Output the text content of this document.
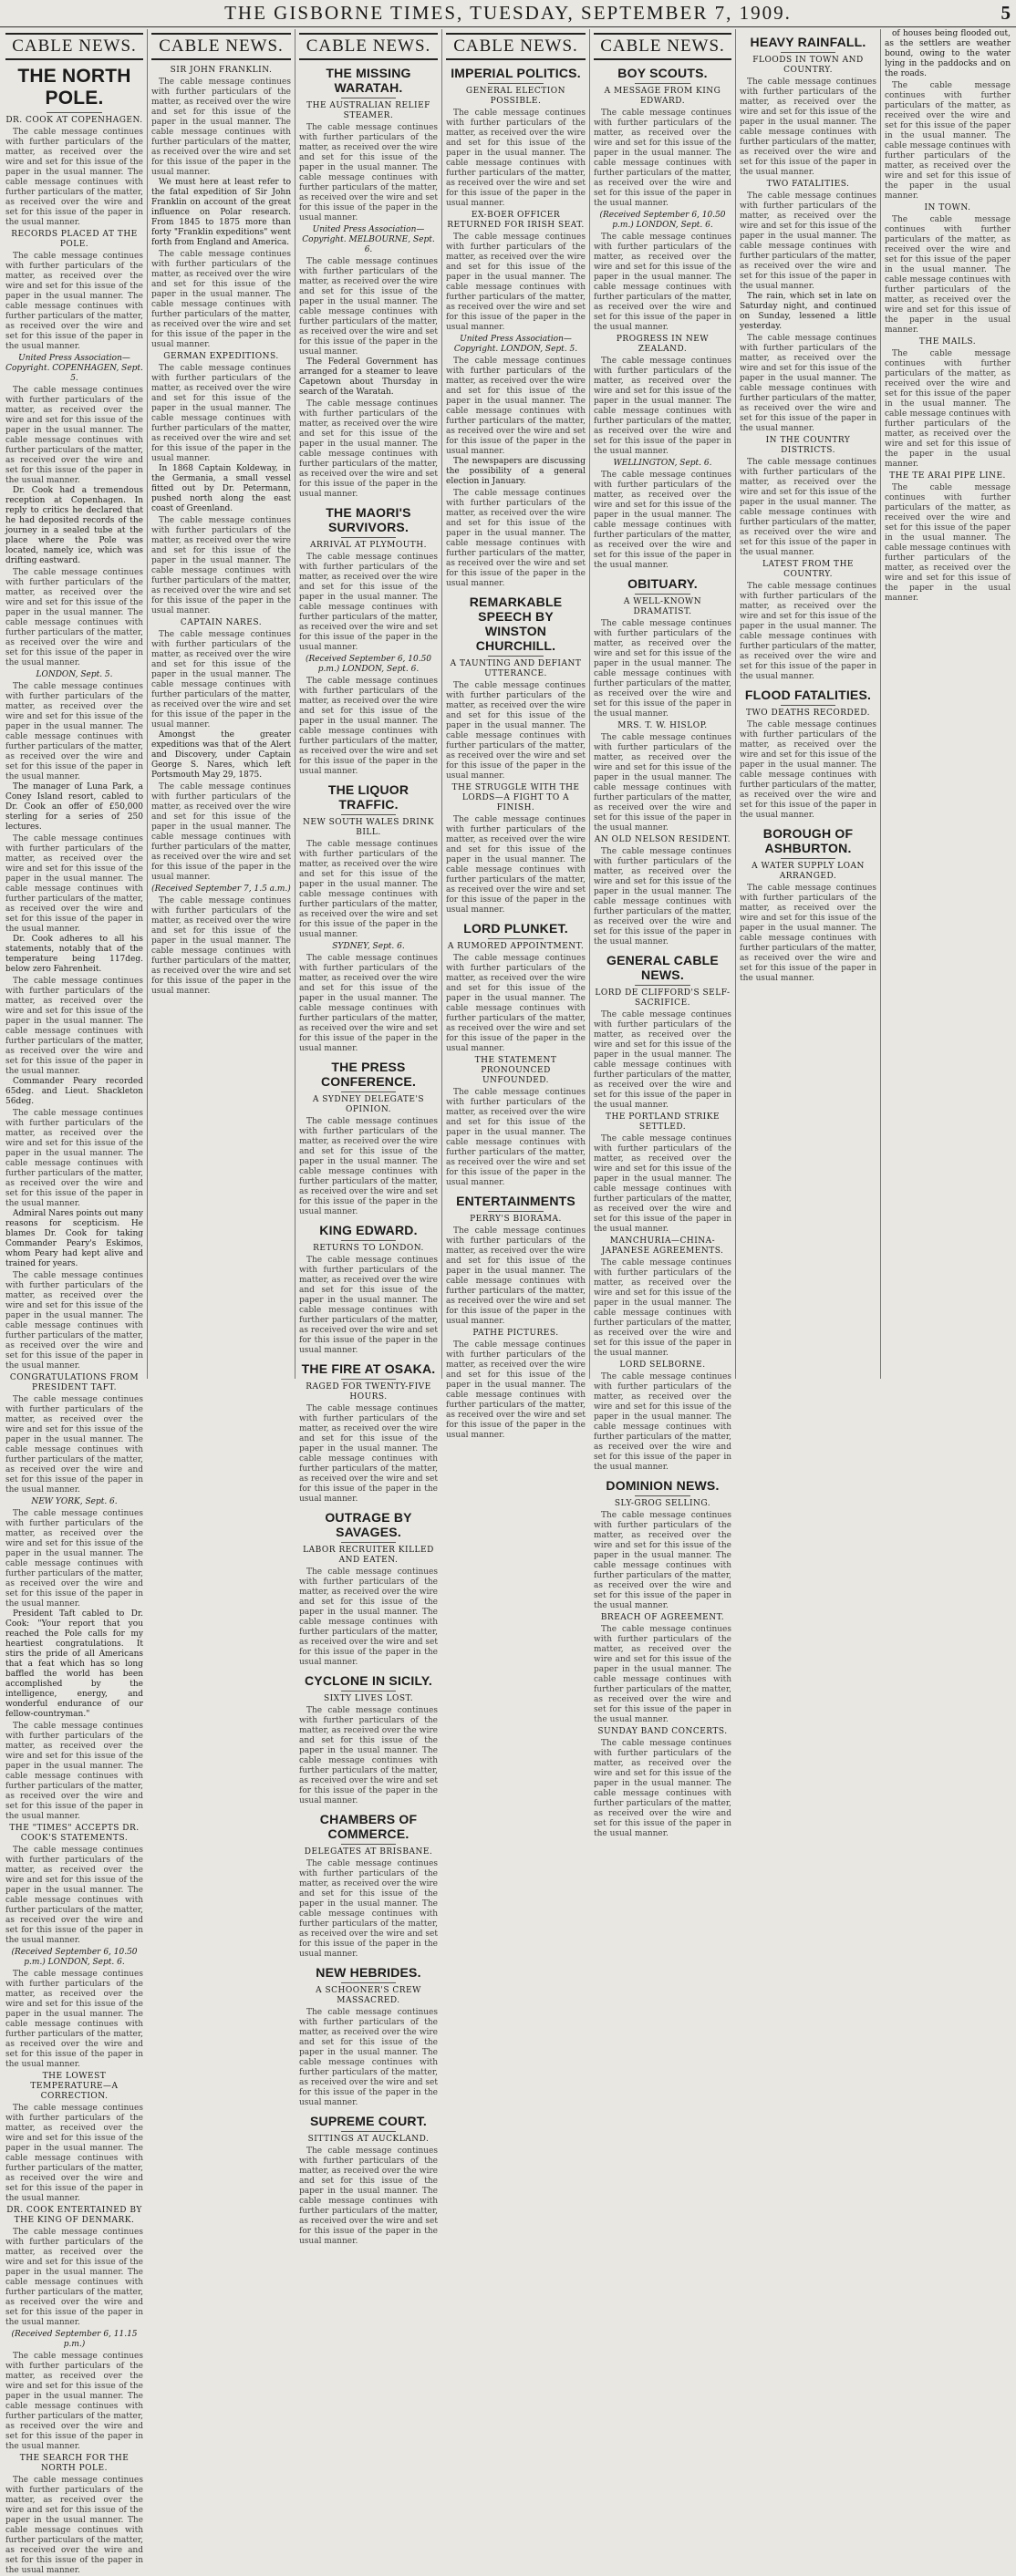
THE GISBORNE TIMES, TUESDAY, SEPTEMBER 7, 1909.	5
CABLE NEWS.
THE NORTH POLE.
DR. COOK AT COPENHAGEN.
The cable message continues with further particulars of the matter, as received over the wire and set for this issue of the paper in the usual manner. The cable message continues with further particulars of the matter, as received over the wire and set for this issue of the paper in the usual manner.
RECORDS PLACED AT THE POLE.
The cable message continues with further particulars of the matter, as received over the wire and set for this issue of the paper in the usual manner. The cable message continues with further particulars of the matter, as received over the wire and set for this issue of the paper in the usual manner.
United Press Association—Copyright. COPENHAGEN, Sept. 5.
The cable message continues with further particulars of the matter, as received over the wire and set for this issue of the paper in the usual manner. The cable message continues with further particulars of the matter, as received over the wire and set for this issue of the paper in the usual manner.
Dr. Cook had a tremendous reception at Copenhagen. In reply to critics he declared that he had deposited records of the journey in a sealed tube at the place where the Pole was located, namely ice, which was drifting eastward.
The cable message continues with further particulars of the matter, as received over the wire and set for this issue of the paper in the usual manner. The cable message continues with further particulars of the matter, as received over the wire and set for this issue of the paper in the usual manner.
LONDON, Sept. 5.
The cable message continues with further particulars of the matter, as received over the wire and set for this issue of the paper in the usual manner. The cable message continues with further particulars of the matter, as received over the wire and set for this issue of the paper in the usual manner.
The manager of Luna Park, a Coney Island resort, cabled to Dr. Cook an offer of £50,000 sterling for a series of 250 lectures.
The cable message continues with further particulars of the matter, as received over the wire and set for this issue of the paper in the usual manner. The cable message continues with further particulars of the matter, as received over the wire and set for this issue of the paper in the usual manner.
Dr. Cook adheres to all his statements, notably that of the temperature being 117deg. below zero Fahrenheit.
The cable message continues with further particulars of the matter, as received over the wire and set for this issue of the paper in the usual manner. The cable message continues with further particulars of the matter, as received over the wire and set for this issue of the paper in the usual manner.
Commander Peary recorded 65deg. and Lieut. Shackleton 56deg.
The cable message continues with further particulars of the matter, as received over the wire and set for this issue of the paper in the usual manner. The cable message continues with further particulars of the matter, as received over the wire and set for this issue of the paper in the usual manner.
Admiral Nares points out many reasons for scepticism. He blames Dr. Cook for taking Commander Peary's Eskimos, whom Peary had kept alive and trained for years.
The cable message continues with further particulars of the matter, as received over the wire and set for this issue of the paper in the usual manner. The cable message continues with further particulars of the matter, as received over the wire and set for this issue of the paper in the usual manner.
CONGRATULATIONS FROM PRESIDENT TAFT.
The cable message continues with further particulars of the matter, as received over the wire and set for this issue of the paper in the usual manner. The cable message continues with further particulars of the matter, as received over the wire and set for this issue of the paper in the usual manner.
NEW YORK, Sept. 6.
The cable message continues with further particulars of the matter, as received over the wire and set for this issue of the paper in the usual manner. The cable message continues with further particulars of the matter, as received over the wire and set for this issue of the paper in the usual manner.
President Taft cabled to Dr. Cook: "Your report that you reached the Pole calls for my heartiest congratulations. It stirs the pride of all Americans that a feat which has so long baffled the world has been accomplished by the intelligence, energy, and wonderful endurance of our fellow-countryman."
The cable message continues with further particulars of the matter, as received over the wire and set for this issue of the paper in the usual manner. The cable message continues with further particulars of the matter, as received over the wire and set for this issue of the paper in the usual manner.
THE "TIMES" ACCEPTS DR. COOK'S STATEMENTS.
The cable message continues with further particulars of the matter, as received over the wire and set for this issue of the paper in the usual manner. The cable message continues with further particulars of the matter, as received over the wire and set for this issue of the paper in the usual manner.
(Received September 6, 10.50 p.m.) LONDON, Sept. 6.
The cable message continues with further particulars of the matter, as received over the wire and set for this issue of the paper in the usual manner. The cable message continues with further particulars of the matter, as received over the wire and set for this issue of the paper in the usual manner.
THE LOWEST TEMPERATURE—A CORRECTION.
The cable message continues with further particulars of the matter, as received over the wire and set for this issue of the paper in the usual manner. The cable message continues with further particulars of the matter, as received over the wire and set for this issue of the paper in the usual manner.
DR. COOK ENTERTAINED BY THE KING OF DENMARK.
The cable message continues with further particulars of the matter, as received over the wire and set for this issue of the paper in the usual manner. The cable message continues with further particulars of the matter, as received over the wire and set for this issue of the paper in the usual manner.
(Received September 6, 11.15 p.m.)
The cable message continues with further particulars of the matter, as received over the wire and set for this issue of the paper in the usual manner. The cable message continues with further particulars of the matter, as received over the wire and set for this issue of the paper in the usual manner.
THE SEARCH FOR THE NORTH POLE.
The cable message continues with further particulars of the matter, as received over the wire and set for this issue of the paper in the usual manner. The cable message continues with further particulars of the matter, as received over the wire and set for this issue of the paper in the usual manner.
CABLE NEWS.
SIR JOHN FRANKLIN.
The cable message continues with further particulars of the matter, as received over the wire and set for this issue of the paper in the usual manner. The cable message continues with further particulars of the matter, as received over the wire and set for this issue of the paper in the usual manner.
We must here at least refer to the fatal expedition of Sir John Franklin on account of the great influence on Polar research. From 1845 to 1875 more than forty "Franklin expeditions" went forth from England and America.
The cable message continues with further particulars of the matter, as received over the wire and set for this issue of the paper in the usual manner. The cable message continues with further particulars of the matter, as received over the wire and set for this issue of the paper in the usual manner.
GERMAN EXPEDITIONS.
The cable message continues with further particulars of the matter, as received over the wire and set for this issue of the paper in the usual manner. The cable message continues with further particulars of the matter, as received over the wire and set for this issue of the paper in the usual manner.
In 1868 Captain Koldeway, in the Germania, a small vessel fitted out by Dr. Petermann, pushed north along the east coast of Greenland.
The cable message continues with further particulars of the matter, as received over the wire and set for this issue of the paper in the usual manner. The cable message continues with further particulars of the matter, as received over the wire and set for this issue of the paper in the usual manner.
CAPTAIN NARES.
The cable message continues with further particulars of the matter, as received over the wire and set for this issue of the paper in the usual manner. The cable message continues with further particulars of the matter, as received over the wire and set for this issue of the paper in the usual manner.
Amongst the greater expeditions was that of the Alert and Discovery, under Captain George S. Nares, which left Portsmouth May 29, 1875.
The cable message continues with further particulars of the matter, as received over the wire and set for this issue of the paper in the usual manner. The cable message continues with further particulars of the matter, as received over the wire and set for this issue of the paper in the usual manner.
(Received September 7, 1.5 a.m.)
The cable message continues with further particulars of the matter, as received over the wire and set for this issue of the paper in the usual manner. The cable message continues with further particulars of the matter, as received over the wire and set for this issue of the paper in the usual manner.
CABLE NEWS.
THE MISSING WARATAH.
THE AUSTRALIAN RELIEF STEAMER.
The cable message continues with further particulars of the matter, as received over the wire and set for this issue of the paper in the usual manner. The cable message continues with further particulars of the matter, as received over the wire and set for this issue of the paper in the usual manner.
United Press Association—Copyright. MELBOURNE, Sept. 6.
The cable message continues with further particulars of the matter, as received over the wire and set for this issue of the paper in the usual manner. The cable message continues with further particulars of the matter, as received over the wire and set for this issue of the paper in the usual manner.
The Federal Government has arranged for a steamer to leave Capetown about Thursday in search of the Waratah.
The cable message continues with further particulars of the matter, as received over the wire and set for this issue of the paper in the usual manner. The cable message continues with further particulars of the matter, as received over the wire and set for this issue of the paper in the usual manner.
THE MAORI'S SURVIVORS.
ARRIVAL AT PLYMOUTH.
The cable message continues with further particulars of the matter, as received over the wire and set for this issue of the paper in the usual manner. The cable message continues with further particulars of the matter, as received over the wire and set for this issue of the paper in the usual manner.
(Received September 6, 10.50 p.m.) LONDON, Sept. 6.
The cable message continues with further particulars of the matter, as received over the wire and set for this issue of the paper in the usual manner. The cable message continues with further particulars of the matter, as received over the wire and set for this issue of the paper in the usual manner.
THE LIQUOR TRAFFIC.
NEW SOUTH WALES DRINK BILL.
The cable message continues with further particulars of the matter, as received over the wire and set for this issue of the paper in the usual manner. The cable message continues with further particulars of the matter, as received over the wire and set for this issue of the paper in the usual manner.
SYDNEY, Sept. 6.
The cable message continues with further particulars of the matter, as received over the wire and set for this issue of the paper in the usual manner. The cable message continues with further particulars of the matter, as received over the wire and set for this issue of the paper in the usual manner.
THE PRESS CONFERENCE.
A SYDNEY DELEGATE'S OPINION.
The cable message continues with further particulars of the matter, as received over the wire and set for this issue of the paper in the usual manner. The cable message continues with further particulars of the matter, as received over the wire and set for this issue of the paper in the usual manner.
KING EDWARD.
RETURNS TO LONDON.
The cable message continues with further particulars of the matter, as received over the wire and set for this issue of the paper in the usual manner. The cable message continues with further particulars of the matter, as received over the wire and set for this issue of the paper in the usual manner.
THE FIRE AT OSAKA.
RAGED FOR TWENTY-FIVE HOURS.
The cable message continues with further particulars of the matter, as received over the wire and set for this issue of the paper in the usual manner. The cable message continues with further particulars of the matter, as received over the wire and set for this issue of the paper in the usual manner.
OUTRAGE BY SAVAGES.
LABOR RECRUITER KILLED AND EATEN.
The cable message continues with further particulars of the matter, as received over the wire and set for this issue of the paper in the usual manner. The cable message continues with further particulars of the matter, as received over the wire and set for this issue of the paper in the usual manner.
CYCLONE IN SICILY.
SIXTY LIVES LOST.
The cable message continues with further particulars of the matter, as received over the wire and set for this issue of the paper in the usual manner. The cable message continues with further particulars of the matter, as received over the wire and set for this issue of the paper in the usual manner.
CHAMBERS OF COMMERCE.
DELEGATES AT BRISBANE.
The cable message continues with further particulars of the matter, as received over the wire and set for this issue of the paper in the usual manner. The cable message continues with further particulars of the matter, as received over the wire and set for this issue of the paper in the usual manner.
NEW HEBRIDES.
A SCHOONER'S CREW MASSACRED.
The cable message continues with further particulars of the matter, as received over the wire and set for this issue of the paper in the usual manner. The cable message continues with further particulars of the matter, as received over the wire and set for this issue of the paper in the usual manner.
SUPREME COURT.
SITTINGS AT AUCKLAND.
The cable message continues with further particulars of the matter, as received over the wire and set for this issue of the paper in the usual manner. The cable message continues with further particulars of the matter, as received over the wire and set for this issue of the paper in the usual manner.
CABLE NEWS.
IMPERIAL POLITICS.
GENERAL ELECTION POSSIBLE.
The cable message continues with further particulars of the matter, as received over the wire and set for this issue of the paper in the usual manner. The cable message continues with further particulars of the matter, as received over the wire and set for this issue of the paper in the usual manner.
EX-BOER OFFICER RETURNED FOR IRISH SEAT.
The cable message continues with further particulars of the matter, as received over the wire and set for this issue of the paper in the usual manner. The cable message continues with further particulars of the matter, as received over the wire and set for this issue of the paper in the usual manner.
United Press Association—Copyright. LONDON, Sept. 5.
The cable message continues with further particulars of the matter, as received over the wire and set for this issue of the paper in the usual manner. The cable message continues with further particulars of the matter, as received over the wire and set for this issue of the paper in the usual manner.
The newspapers are discussing the possibility of a general election in January.
The cable message continues with further particulars of the matter, as received over the wire and set for this issue of the paper in the usual manner. The cable message continues with further particulars of the matter, as received over the wire and set for this issue of the paper in the usual manner.
REMARKABLE SPEECH BY WINSTON CHURCHILL.
A TAUNTING AND DEFIANT UTTERANCE.
The cable message continues with further particulars of the matter, as received over the wire and set for this issue of the paper in the usual manner. The cable message continues with further particulars of the matter, as received over the wire and set for this issue of the paper in the usual manner.
THE STRUGGLE WITH THE LORDS—A FIGHT TO A FINISH.
The cable message continues with further particulars of the matter, as received over the wire and set for this issue of the paper in the usual manner. The cable message continues with further particulars of the matter, as received over the wire and set for this issue of the paper in the usual manner.
LORD PLUNKET.
A RUMORED APPOINTMENT.
The cable message continues with further particulars of the matter, as received over the wire and set for this issue of the paper in the usual manner. The cable message continues with further particulars of the matter, as received over the wire and set for this issue of the paper in the usual manner.
THE STATEMENT PRONOUNCED UNFOUNDED.
The cable message continues with further particulars of the matter, as received over the wire and set for this issue of the paper in the usual manner. The cable message continues with further particulars of the matter, as received over the wire and set for this issue of the paper in the usual manner.
ENTERTAINMENTS
PERRY'S BIORAMA.
The cable message continues with further particulars of the matter, as received over the wire and set for this issue of the paper in the usual manner. The cable message continues with further particulars of the matter, as received over the wire and set for this issue of the paper in the usual manner.
PATHE PICTURES.
The cable message continues with further particulars of the matter, as received over the wire and set for this issue of the paper in the usual manner. The cable message continues with further particulars of the matter, as received over the wire and set for this issue of the paper in the usual manner.
CABLE NEWS.
BOY SCOUTS.
A MESSAGE FROM KING EDWARD.
The cable message continues with further particulars of the matter, as received over the wire and set for this issue of the paper in the usual manner. The cable message continues with further particulars of the matter, as received over the wire and set for this issue of the paper in the usual manner.
(Received September 6, 10.50 p.m.) LONDON, Sept. 6.
The cable message continues with further particulars of the matter, as received over the wire and set for this issue of the paper in the usual manner. The cable message continues with further particulars of the matter, as received over the wire and set for this issue of the paper in the usual manner.
PROGRESS IN NEW ZEALAND.
The cable message continues with further particulars of the matter, as received over the wire and set for this issue of the paper in the usual manner. The cable message continues with further particulars of the matter, as received over the wire and set for this issue of the paper in the usual manner.
WELLINGTON, Sept. 6.
The cable message continues with further particulars of the matter, as received over the wire and set for this issue of the paper in the usual manner. The cable message continues with further particulars of the matter, as received over the wire and set for this issue of the paper in the usual manner.
OBITUARY.
A WELL-KNOWN DRAMATIST.
The cable message continues with further particulars of the matter, as received over the wire and set for this issue of the paper in the usual manner. The cable message continues with further particulars of the matter, as received over the wire and set for this issue of the paper in the usual manner.
MRS. T. W. HISLOP.
The cable message continues with further particulars of the matter, as received over the wire and set for this issue of the paper in the usual manner. The cable message continues with further particulars of the matter, as received over the wire and set for this issue of the paper in the usual manner.
AN OLD NELSON RESIDENT.
The cable message continues with further particulars of the matter, as received over the wire and set for this issue of the paper in the usual manner. The cable message continues with further particulars of the matter, as received over the wire and set for this issue of the paper in the usual manner.
GENERAL CABLE NEWS.
LORD DE CLIFFORD'S SELF-SACRIFICE.
The cable message continues with further particulars of the matter, as received over the wire and set for this issue of the paper in the usual manner. The cable message continues with further particulars of the matter, as received over the wire and set for this issue of the paper in the usual manner.
THE PORTLAND STRIKE SETTLED.
The cable message continues with further particulars of the matter, as received over the wire and set for this issue of the paper in the usual manner. The cable message continues with further particulars of the matter, as received over the wire and set for this issue of the paper in the usual manner.
MANCHURIA—CHINA-JAPANESE AGREEMENTS.
The cable message continues with further particulars of the matter, as received over the wire and set for this issue of the paper in the usual manner. The cable message continues with further particulars of the matter, as received over the wire and set for this issue of the paper in the usual manner.
LORD SELBORNE.
The cable message continues with further particulars of the matter, as received over the wire and set for this issue of the paper in the usual manner. The cable message continues with further particulars of the matter, as received over the wire and set for this issue of the paper in the usual manner.
DOMINION NEWS.
SLY-GROG SELLING.
The cable message continues with further particulars of the matter, as received over the wire and set for this issue of the paper in the usual manner. The cable message continues with further particulars of the matter, as received over the wire and set for this issue of the paper in the usual manner.
BREACH OF AGREEMENT.
The cable message continues with further particulars of the matter, as received over the wire and set for this issue of the paper in the usual manner. The cable message continues with further particulars of the matter, as received over the wire and set for this issue of the paper in the usual manner.
SUNDAY BAND CONCERTS.
The cable message continues with further particulars of the matter, as received over the wire and set for this issue of the paper in the usual manner. The cable message continues with further particulars of the matter, as received over the wire and set for this issue of the paper in the usual manner.
HEAVY RAINFALL.
FLOODS IN TOWN AND COUNTRY.
The cable message continues with further particulars of the matter, as received over the wire and set for this issue of the paper in the usual manner. The cable message continues with further particulars of the matter, as received over the wire and set for this issue of the paper in the usual manner.
TWO FATALITIES.
The cable message continues with further particulars of the matter, as received over the wire and set for this issue of the paper in the usual manner. The cable message continues with further particulars of the matter, as received over the wire and set for this issue of the paper in the usual manner.
The rain, which set in late on Saturday night, and continued on Sunday, lessened a little yesterday.
The cable message continues with further particulars of the matter, as received over the wire and set for this issue of the paper in the usual manner. The cable message continues with further particulars of the matter, as received over the wire and set for this issue of the paper in the usual manner.
IN THE COUNTRY DISTRICTS.
The cable message continues with further particulars of the matter, as received over the wire and set for this issue of the paper in the usual manner. The cable message continues with further particulars of the matter, as received over the wire and set for this issue of the paper in the usual manner.
LATEST FROM THE COUNTRY.
The cable message continues with further particulars of the matter, as received over the wire and set for this issue of the paper in the usual manner. The cable message continues with further particulars of the matter, as received over the wire and set for this issue of the paper in the usual manner.
FLOOD FATALITIES.
TWO DEATHS RECORDED.
The cable message continues with further particulars of the matter, as received over the wire and set for this issue of the paper in the usual manner. The cable message continues with further particulars of the matter, as received over the wire and set for this issue of the paper in the usual manner.
BOROUGH OF ASHBURTON.
A WATER SUPPLY LOAN ARRANGED.
The cable message continues with further particulars of the matter, as received over the wire and set for this issue of the paper in the usual manner. The cable message continues with further particulars of the matter, as received over the wire and set for this issue of the paper in the usual manner.
of houses being flooded out, as the settlers are weather bound, owing to the water lying in the paddocks and on the roads.
The cable message continues with further particulars of the matter, as received over the wire and set for this issue of the paper in the usual manner. The cable message continues with further particulars of the matter, as received over the wire and set for this issue of the paper in the usual manner.
IN TOWN.
The cable message continues with further particulars of the matter, as received over the wire and set for this issue of the paper in the usual manner. The cable message continues with further particulars of the matter, as received over the wire and set for this issue of the paper in the usual manner.
THE MAILS.
The cable message continues with further particulars of the matter, as received over the wire and set for this issue of the paper in the usual manner. The cable message continues with further particulars of the matter, as received over the wire and set for this issue of the paper in the usual manner.
THE TE ARAI PIPE LINE.
The cable message continues with further particulars of the matter, as received over the wire and set for this issue of the paper in the usual manner. The cable message continues with further particulars of the matter, as received over the wire and set for this issue of the paper in the usual manner.
